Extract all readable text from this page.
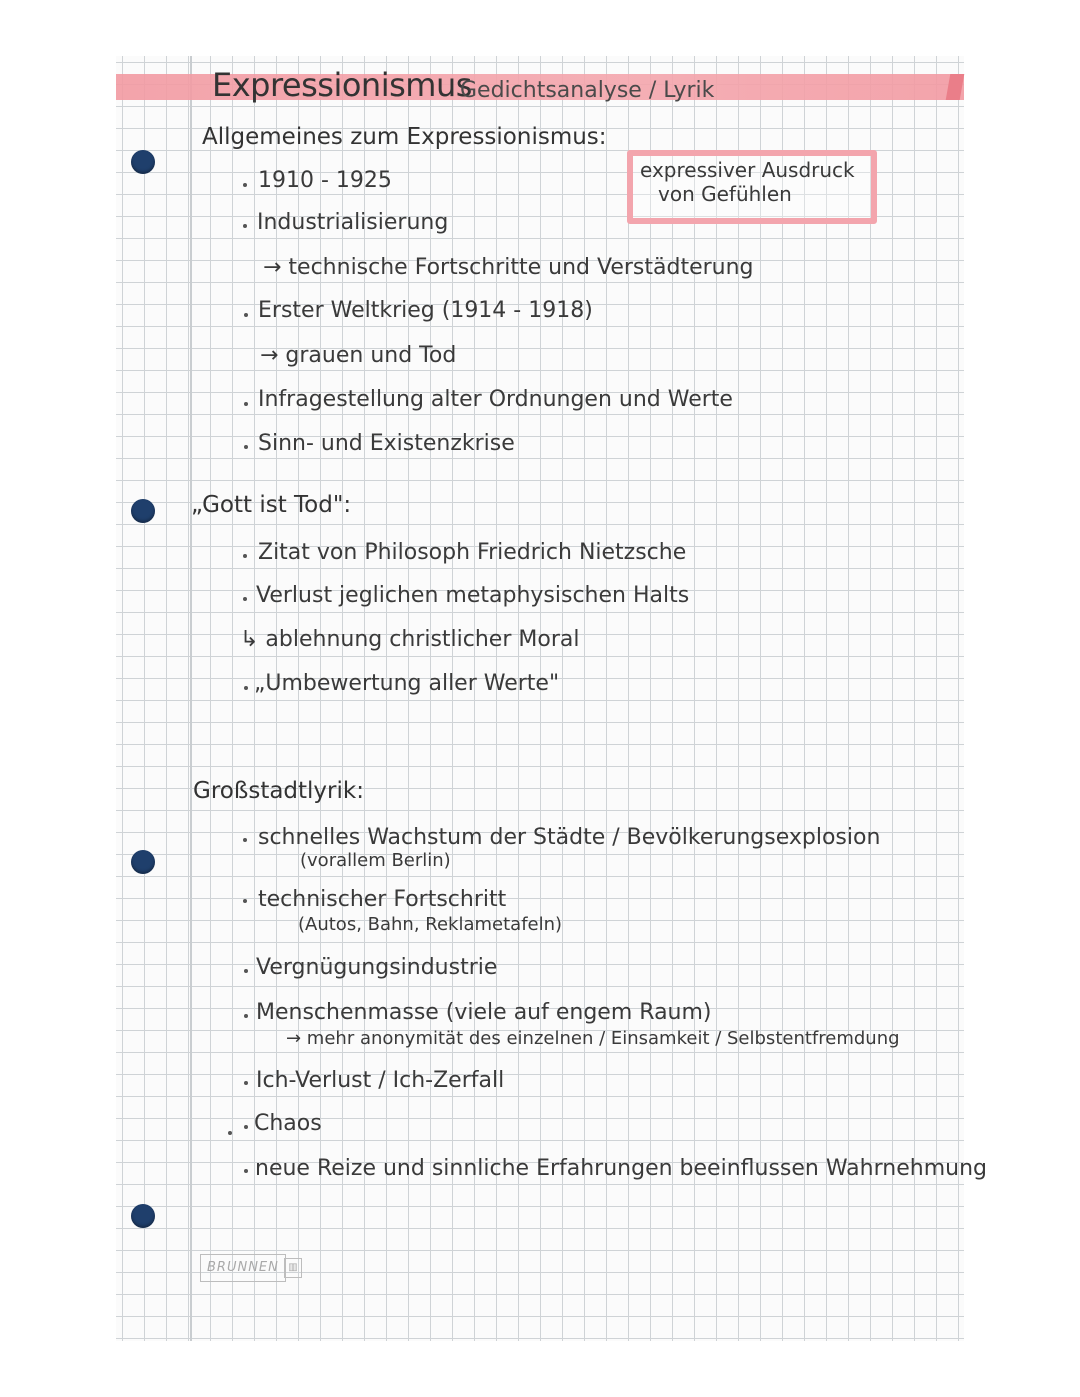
Expressionismus
Gedichtsanalyse / Lyrik
expressiver Ausdruck
von Gefühlen
Allgemeines zum Expressionismus:
1910 - 1925
Industrialisierung
→ technische Fortschritte und Verstädterung
Erster Weltkrieg (1914 - 1918)
→ grauen und Tod
Infragestellung alter Ordnungen und Werte
Sinn- und Existenzkrise
„Gott ist Tod":
Zitat von Philosoph Friedrich Nietzsche
Verlust jeglichen metaphysischen Halts
↳ ablehnung christlicher Moral
„Umbewertung aller Werte"
Großstadtlyrik:
schnelles Wachstum der Städte / Bevölkerungsexplosion
(vorallem Berlin)
technischer Fortschritt
(Autos, Bahn, Reklametafeln)
Vergnügungsindustrie
Menschenmasse (viele auf engem Raum)
→ mehr anonymität des einzelnen / Einsamkeit / Selbstentfremdung
Ich-Verlust / Ich-Zerfall
Chaos
neue Reize und sinnliche Erfahrungen beeinflussen Wahrnehmung
BRUNNEN ▥
